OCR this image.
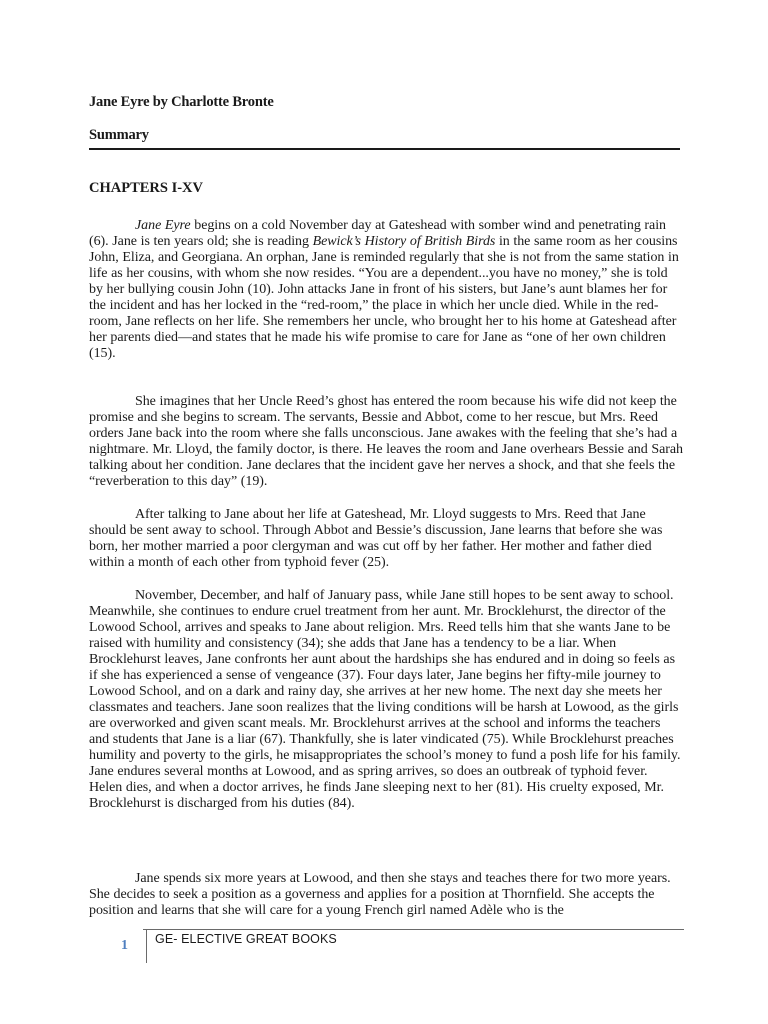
Jane Eyre by Charlotte Bronte
Summary
CHAPTERS I-XV

Jane Eyre begins on a cold November day at Gateshead with somber wind and penetrating rain (6). Jane is ten years old; she is reading Bewick’s History of British Birds in the same room as her cousins John, Eliza, and Georgiana. An orphan, Jane is reminded regularly that she is not from the same station in life as her cousins, with whom she now resides. “You are a dependent...you have no money,” she is told by her bullying cousin John (10). John attacks Jane in front of his sisters, but Jane’s aunt blames her for the incident and has her locked in the “red-room,” the place in which her uncle died. While in the red-room, Jane reflects on her life. She remembers her uncle, who brought her to his home at Gateshead after her parents died—and states that he made his wife promise to care for Jane as “one of her own children (15).

She imagines that her Uncle Reed’s ghost has entered the room because his wife did not keep the promise and she begins to scream. The servants, Bessie and Abbot, come to her rescue, but Mrs. Reed orders Jane back into the room where she falls unconscious. Jane awakes with the feeling that she’s had a nightmare. Mr. Lloyd, the family doctor, is there. He leaves the room and Jane overhears Bessie and Sarah talking about her condition. Jane declares that the incident gave her nerves a shock, and that she feels the “reverberation to this day” (19).

After talking to Jane about her life at Gateshead, Mr. Lloyd suggests to Mrs. Reed that Jane should be sent away to school. Through Abbot and Bessie’s discussion, Jane learns that before she was born, her mother married a poor clergyman and was cut off by her father. Her mother and father died within a month of each other from typhoid fever (25).

November, December, and half of January pass, while Jane still hopes to be sent away to school. Meanwhile, she continues to endure cruel treatment from her aunt. Mr. Brocklehurst, the director of the Lowood School, arrives and speaks to Jane about religion. Mrs. Reed tells him that she wants Jane to be raised with humility and consistency (34); she adds that Jane has a tendency to be a liar. When Brocklehurst leaves, Jane confronts her aunt about the hardships she has endured and in doing so feels as if she has experienced a sense of vengeance (37). Four days later, Jane begins her fifty-mile journey to Lowood School, and on a dark and rainy day, she arrives at her new home. The next day she meets her classmates and teachers. Jane soon realizes that the living conditions will be harsh at Lowood, as the girls are overworked and given scant meals. Mr. Brocklehurst arrives at the school and informs the teachers and students that Jane is a liar (67). Thankfully, she is later vindicated (75). While Brocklehurst preaches humility and poverty to the girls, he misappropriates the school’s money to fund a posh life for his family. Jane endures several months at Lowood, and as spring arrives, so does an outbreak of typhoid fever. Helen dies, and when a doctor arrives, he finds Jane sleeping next to her (81). His cruelty exposed, Mr. Brocklehurst is discharged from his duties (84).

Jane spends six more years at Lowood, and then she stays and teaches there for two more years. She decides to seek a position as a governess and applies for a position at Thornfield. She accepts the position and learns that she will care for a young French girl named Adèle who is the

1 GE- ELECTIVE GREAT BOOKS
